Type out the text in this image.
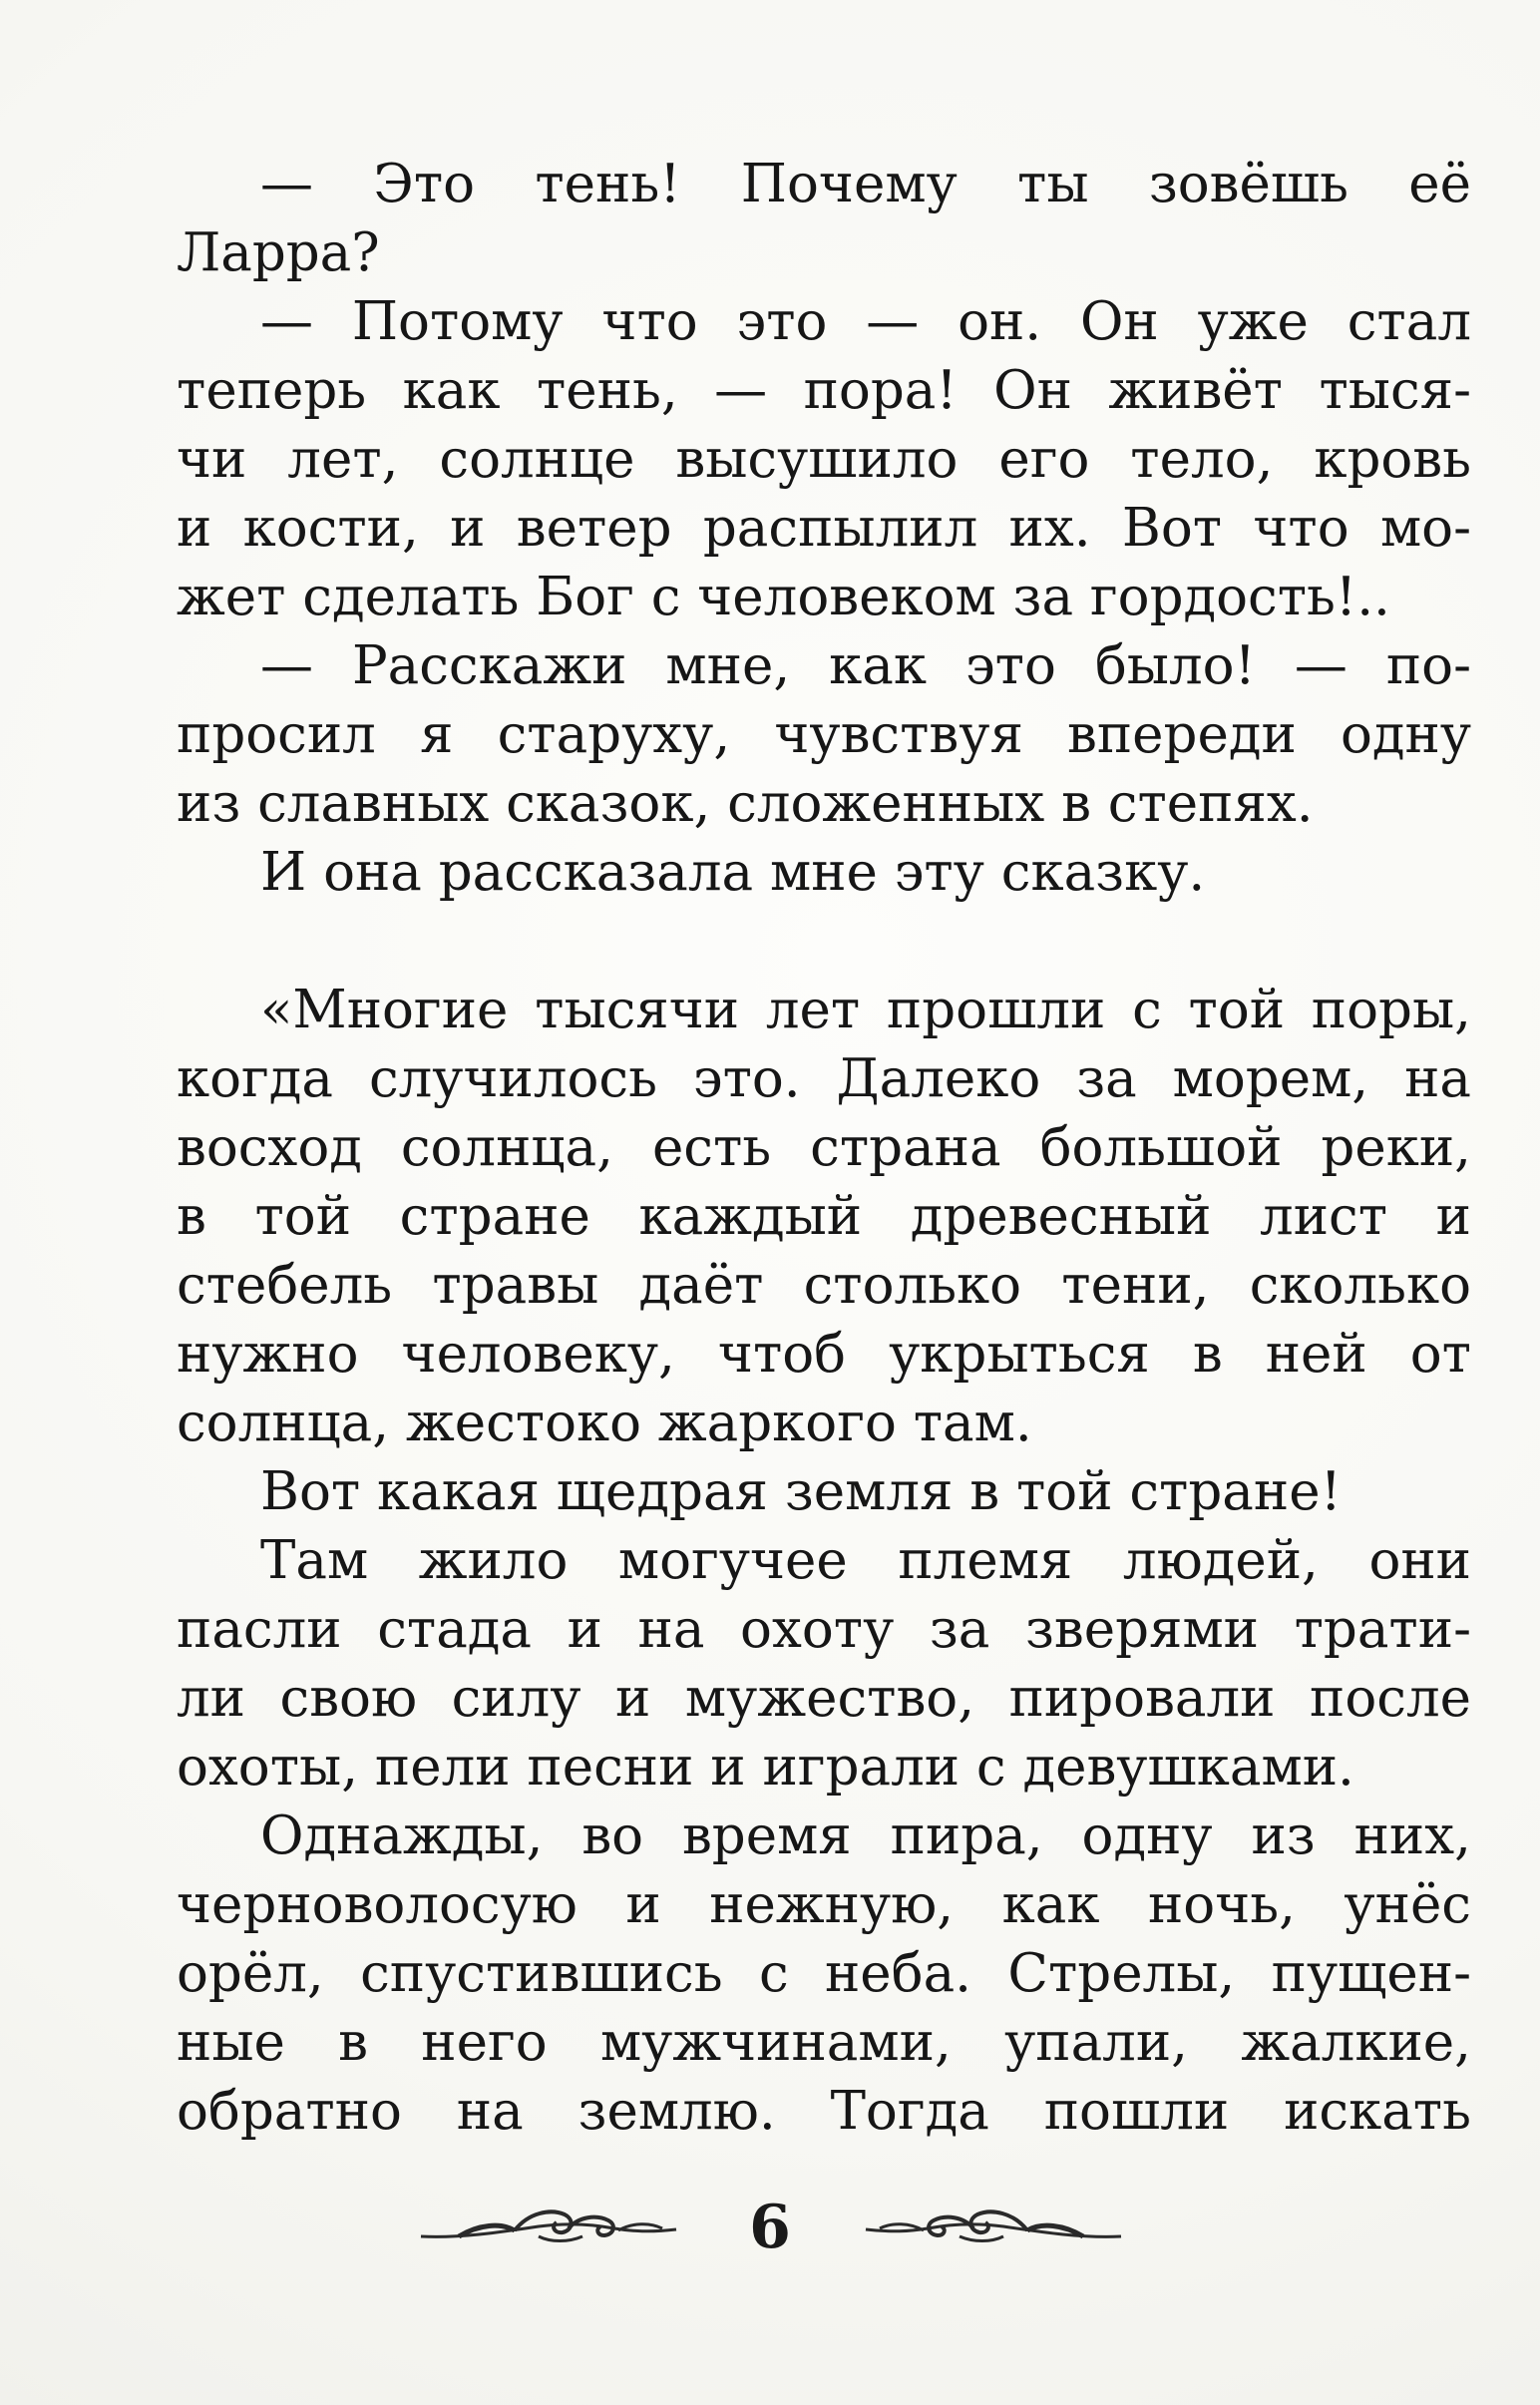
— Это тень! Почему ты зовёшь её
Ларра?
— Потому что это — он. Он уже стал
теперь как тень, — пора! Он живёт тыся-
чи лет, солнце высушило его тело, кровь
и кости, и ветер распылил их. Вот что мо-
жет сделать Бог с человеком за гордость!..
— Расскажи мне, как это было! — по-
просил я старуху, чувствуя впереди одну
из славных сказок, сложенных в степях.
И она рассказала мне эту сказку.
«Многие тысячи лет прошли с той поры,
когда случилось это. Далеко за морем, на
восход солнца, есть страна большой реки,
в той стране каждый древесный лист и
стебель травы даёт столько тени, сколько
нужно человеку, чтоб укрыться в ней от
солнца, жестоко жаркого там.
Вот какая щедрая земля в той стране!
Там жило могучее племя людей, они
пасли стада и на охоту за зверями трати-
ли свою силу и мужество, пировали после
охоты, пели песни и играли с девушками.
Однажды, во время пира, одну из них,
черноволосую и нежную, как ночь, унёс
орёл, спустившись с неба. Стрелы, пущен-
ные в него мужчинами, упали, жалкие,
обратно на землю. Тогда пошли искать
6
